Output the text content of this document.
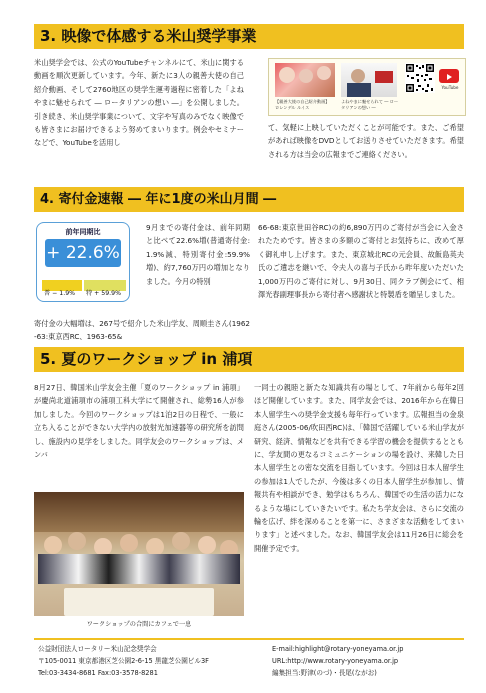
3. 映像で体感する米山奨学事業
米山奨学会では、公式のYouTubeチャンネルにて、米山に関する動画を順次更新しています。今年、新たに3人の親善大使の自己紹介動画、そして2760地区の奨学生運考過程に密着した「よねやまに魅せられて ― ロータリアンの想い ―」を公開しました。引き続き、米山奨学事業について、文字や写真のみでなく映像でも皆さまにお届けできるよう努めてまいります。例会やセミナーなどで、YouTubeを活用し
【親善大使の自己紹介動画】
ロレンデル ルイス
よねやまに魅せられて ― ロータリアンの想い ―
YouTube
て、気軽に上映していただくことが可能です。また、ご希望があれば映像をDVDとしてお送りさせていただきます。希望される方は当会の広報までご連絡ください。
4. 寄付金速報 ― 年に1度の米山月間 ―
前年同期比
+ 22.6%
普 − 1.9%	特 + 59.9%
9月までの寄付金は、前年同期と比べて22.6%増(普通寄付金:1.9%減、特別寄付金:59.9%増)、約7,760万円の増加となりました。今月の特別
寄付金の大幅増は、267号で紹介した米山学友、周順圭さん(1962-63:東京西RC、1963-65&
66-68:東京世田谷RC)の約6,890万円のご寄付が当会に入金されたためです。皆さまの多額のご寄付とお気持ちに、改めて厚く御礼申し上げます。また、東京城北RCの元会員、故飯島英夫氏のご遺志を継いで、令夫人の喜与子氏から昨年度いただいた1,000万円のご寄付に対し、9月30日、同クラブ例会にて、相澤光春副理事長から寄付者へ感謝状と特製盾を贈呈しました。
5. 夏のワークショップ in 浦項
8月27日、韓国米山学友会主催「夏のワークショップ in 浦項」が慶尚北道浦項市の浦項工科大学にて開催され、総勢16人が参加しました。今回のワークショップは1泊2日の日程で、一般に立ち入ることができない大学内の放射光加速器等の研究所を訪問し、施設内の見学をしました。同学友会のワークショップは、メンバ
ワークショップの合間にカフェで一息
一同士の親睦と新たな知識共有の場として、7年前から毎年2回ほど開催しています。また、同学友会では、2016年から在韓日本人留学生への奨学金支援も毎年行っています。広報担当の金泉庭さん(2005-06/吹田西RC)は、「韓国で活躍している米山学友が研究、経済、情報などを共有できる学習の機会を提供するとともに、学友間の更なるコミュニケーションの場を設け、来韓した日本人留学生との密な交流を目指しています。今回は日本人留学生の参加は1人でしたが、今後は多くの日本人留学生が参加し、情報共有や相談ができ、勉学はもちろん、韓国での生活の活力になるような場にしていきたいです。私たち学友会は、さらに交流の輪を広げ、絆を深めることを第一に、さまざまな活動をしてまいります」と述べました。なお、韓国学友会は11月26日に総会を開催予定です。
公益財団法人ロータリー米山記念奨学会
〒105-0011 東京都港区芝公園2-6-15 黒龍芝公園ビル3F
Tel:03-3434-8681 Fax:03-3578-8281
E-mail:highlight@rotary-yoneyama.or.jp
URL:http://www.rotary-yoneyama.or.jp
編集担当:野津(のづ)・長尾(ながお)
